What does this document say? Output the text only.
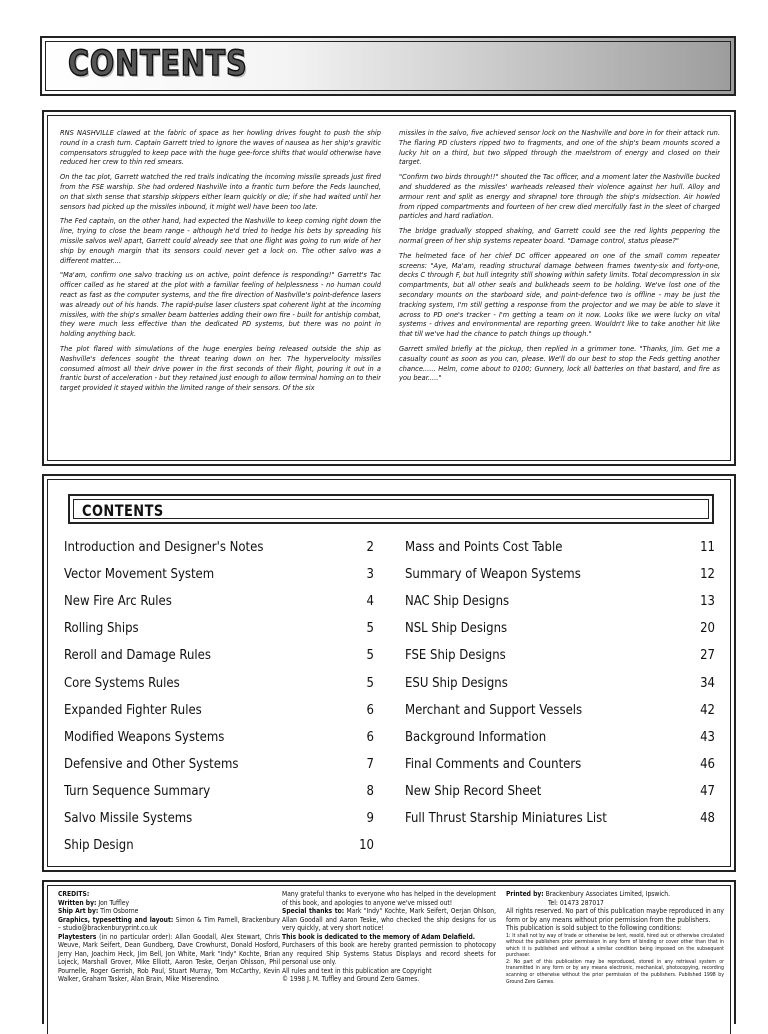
CONTENTS

RNS NASHVILLE clawed at the fabric of space as her howling drives fought to push the ship round in a crash turn. Captain Garrett tried to ignore the waves of nausea as her ship's gravitic compensators struggled to keep pace with the huge gee-force shifts that would otherwise have reduced her crew to thin red smears.

On the tac plot, Garrett watched the red trails indicating the incoming missile spreads just fired from the FSE warship. She had ordered Nashville into a frantic turn before the Feds launched, on that sixth sense that starship skippers either learn quickly or die; if she had waited until her sensors had picked up the missiles inbound, it might well have been too late.

The Fed captain, on the other hand, had expected the Nashville to keep coming right down the line, trying to close the beam range - although he'd tried to hedge his bets by spreading his missile salvos well apart, Garrett could already see that one flight was going to run wide of her ship by enough margin that its sensors could never get a lock on. The other salvo was a different matter....

"Ma'am, confirm one salvo tracking us on active, point defence is responding!" Garrett's Tac officer called as he stared at the plot with a familiar feeling of helplessness - no human could react as fast as the computer systems, and the fire direction of Nashville's point-defence lasers was already out of his hands. The rapid-pulse laser clusters spat coherent light at the incoming missiles, with the ship's smaller beam batteries adding their own fire - built for antiship combat, they were much less effective than the dedicated PD systems, but there was no point in holding anything back.

The plot flared with simulations of the huge energies being released outside the ship as Nashville's defences sought the threat tearing down on her. The hypervelocity missiles consumed almost all their drive power in the first seconds of their flight, pouring it out in a frantic burst of acceleration - but they retained just enough to allow terminal homing on to their target provided it stayed within the limited range of their sensors. Of the six

missiles in the salvo, five achieved sensor lock on the Nashville and bore in for their attack run. The flaring PD clusters ripped two to fragments, and one of the ship's beam mounts scored a lucky hit on a third, but two slipped through the maelstrom of energy and closed on their target.

"Confirm two birds through!!" shouted the Tac officer, and a moment later the Nashville bucked and shuddered as the missiles' warheads released their violence against her hull. Alloy and armour rent and split as energy and shrapnel tore through the ship's midsection. Air howled from ripped compartments and fourteen of her crew died mercifully fast in the sleet of charged particles and hard radiation.

The bridge gradually stopped shaking, and Garrett could see the red lights peppering the normal green of her ship systems repeater board. "Damage control, status please?"

The helmeted face of her chief DC officer appeared on one of the small comm repeater screens: "Aye, Ma'am, reading structural damage between frames twenty-six and forty-one, decks C through F, but hull integrity still showing within safety limits. Total decompression in six compartments, but all other seals and bulkheads seem to be holding. We've lost one of the secondary mounts on the starboard side, and point-defence two is offline - may be just the tracking system, I'm still getting a response from the projector and we may be able to slave it across to PD one's tracker - I'm getting a team on it now. Looks like we were lucky on vital systems - drives and environmental are reporting green. Wouldn't like to take another hit like that till we've had the chance to patch things up though."

Garrett smiled briefly at the pickup, then replied in a grimmer tone. "Thanks, Jim. Get me a casualty count as soon as you can, please. We'll do our best to stop the Feds getting another chance...... Helm, come about to 0100; Gunnery, lock all batteries on that bastard, and fire as you bear....."

CONTENTS
Introduction and Designer's Notes	2
Vector Movement System	3
New Fire Arc Rules	4
Rolling Ships	5
Reroll and Damage Rules	5
Core Systems Rules	5
Expanded Fighter Rules	6
Modified Weapons Systems	6
Defensive and Other Systems	7
Turn Sequence Summary	8
Salvo Missile Systems	9
Ship Design	10
Mass and Points Cost Table	11
Summary of Weapon Systems	12
NAC Ship Designs	13
NSL Ship Designs	20
FSE Ship Designs	27
ESU Ship Designs	34
Merchant and Support Vessels	42
Background Information	43
Final Comments and Counters	46
New Ship Record Sheet	47
Full Thrust Starship Miniatures List	48

CREDITS:

Written by: Jon Tuffley

Ship Art by: Tim Osborne

Graphics, typesetting and layout: Simon & Tim Parnell, Brackenbury – studio@brackenburyprint.co.uk

Playtesters (in no particular order): Allan Goodall, Alex Stewart, Chris Weuve, Mark Seifert, Dean Gundberg, Dave Crowhurst, Donald Hosford, Jerry Han, Joachim Heck, Jim Bell, Jon White, Mark "Indy" Kochte, Brian Lojeck, Marshall Grover, Mike Elliott, Aaron Teske, Oerjan Ohlsson, Phil Pournelle, Roger Gerrish, Rob Paul, Stuart Murray, Tom McCarthy, Kevin Walker, Graham Tasker, Alan Brain, Mike Miserendino.

Many grateful thanks to everyone who has helped in the development of this book, and apologies to anyone we've missed out!

Special thanks to: Mark "Indy" Kochte, Mark Seifert, Oerjan Ohlson, Allan Goodall and Aaron Teske, who checked the ship designs for us very quickly, at very short notice!

This book is dedicated to the memory of Adam Delafield.

Purchasers of this book are hereby granted permission to photocopy any required Ship Systems Status Displays and record sheets for personal use only.

All rules and text in this publication are Copyright

© 1998 J. M. Tuffley and Ground Zero Games.

Printed by: Brackenbury Associates Limited, Ipswich.

Tel: 01473 287017

All rights reserved. No part of this publication maybe reproduced in any form or by any means without prior permission from the publishers.

This publication is sold subject to the following conditions:

1: It shall not by way of trade or otherwise be lent, resold, hired out or otherwise circulated without the publishers prior permission in any form of binding or cover other than that in which it is published and without a similar condition being imposed on the subsequent purchaser.

2: No part of this publication may be reproduced, stored in any retrieval system or transmitted in any form or by any means electronic, mechanical, photocopying, recording scanning or otherwise without the prior permission of the publishers. Published 1998 by Ground Zero Games.
